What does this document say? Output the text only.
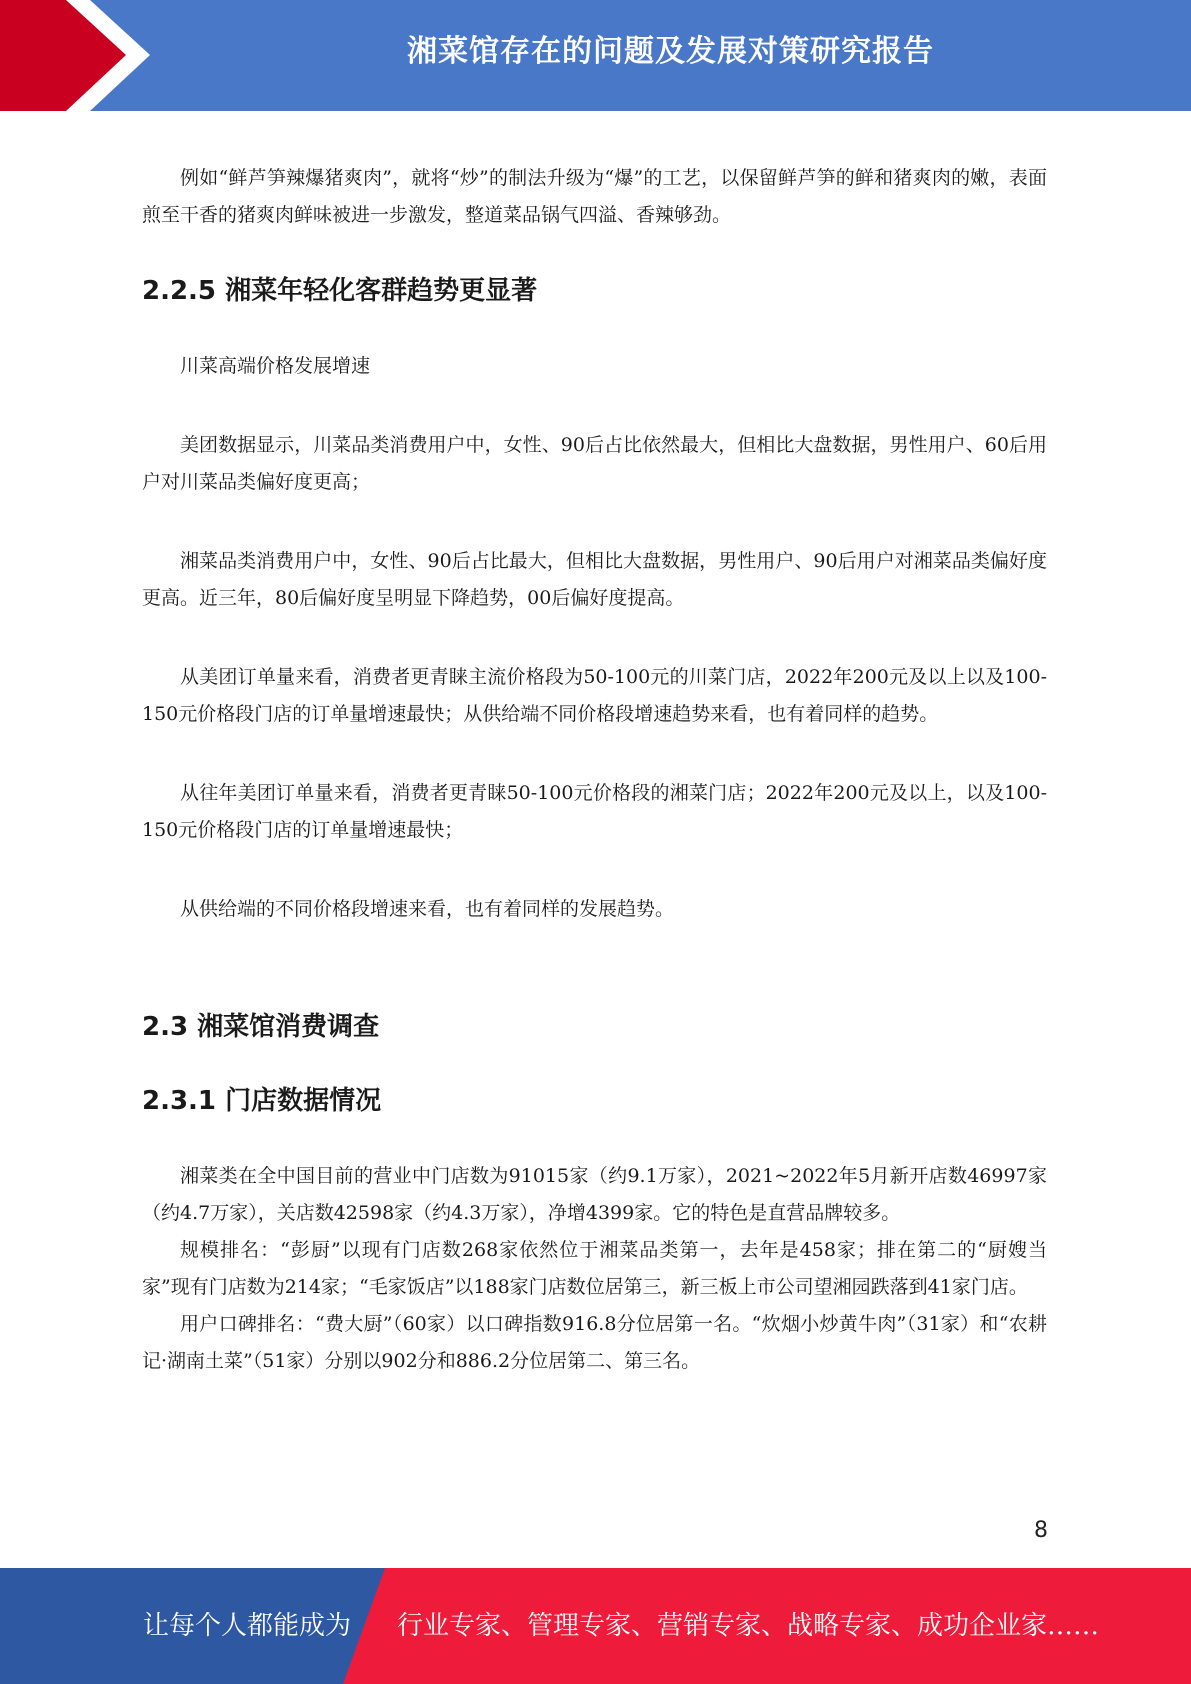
湘菜馆存在的问题及发展对策研究报告

例如“鲜芦笋辣爆猪爽肉”，就将“炒”的制法升级为“爆”的工艺，以保留鲜芦笋的鲜和猪爽肉的嫩，表面煎至干香的猪爽肉鲜味被进一步激发，整道菜品锅气四溢、香辣够劲。

2.2.5 湘菜年轻化客群趋势更显著

川菜高端价格发展增速

美团数据显示，川菜品类消费用户中，女性、90后占比依然最大，但相比大盘数据，男性用户、60后用户对川菜品类偏好度更高；

湘菜品类消费用户中，女性、90后占比最大，但相比大盘数据，男性用户、90后用户对湘菜品类偏好度更高。近三年，80后偏好度呈明显下降趋势，00后偏好度提高。

从美团订单量来看，消费者更青睐主流价格段为50-100元的川菜门店，2022年200元及以上以及100-150元价格段门店的订单量增速最快；从供给端不同价格段增速趋势来看，也有着同样的趋势。

从往年美团订单量来看，消费者更青睐50-100元价格段的湘菜门店；2022年200元及以上，以及100-150元价格段门店的订单量增速最快；

从供给端的不同价格段增速来看，也有着同样的发展趋势。

2.3 湘菜馆消费调查
2.3.1 门店数据情况

湘菜类在全中国目前的营业中门店数为91015家（约9.1万家），2021~2022年5月新开店数46997家（约4.7万家），关店数42598家（约4.3万家），净增4399家。它的特色是直营品牌较多。

规模排名：“彭厨”以现有门店数268家依然位于湘菜品类第一，去年是458家；排在第二的“厨嫂当家”现有门店数为214家；“毛家饭店”以188家门店数位居第三，新三板上市公司望湘园跌落到41家门店。

用户口碑排名：“费大厨”（60家）以口碑指数916.8分位居第一名。“炊烟小炒黄牛肉”（31家）和“农耕记·湖南土菜”（51家）分别以902分和886.2分位居第二、第三名。

8
让每个人都能成为 行业专家、管理专家、营销专家、战略专家、成功企业家……
